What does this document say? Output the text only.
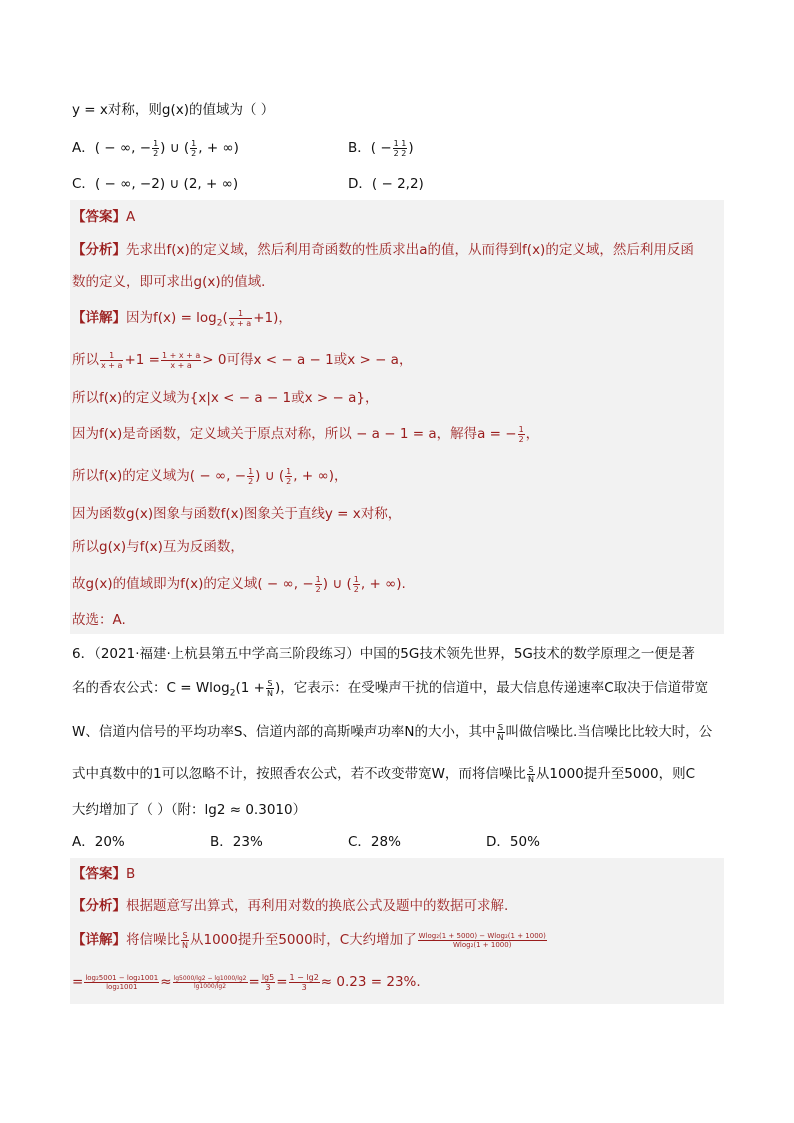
y = x对称，则g(x)的值域为（ ）
A．( − ∞, − $\frac{1}{2}$ ) ∪ ( $\frac{1}{2}$ , + ∞)	B．( − $\frac{1 1}{2 2}$ )
C．( − ∞, −2) ∪ (2, + ∞)	D．( − 2,2)
【答案】A
【分析】先求出f(x)的定义域，然后利用奇函数的性质求出a的值，从而得到f(x)的定义域，然后利用反函
数的定义，即可求出g(x)的值域．
【详解】因为$f(x) = \log_2( \frac{1}{x + a} +1)$，
所以 $\frac{1}{x + a} +1 = \frac{1 + x + a}{x + a} > 0$可得x < − a − 1或x > − a，
所以f(x)的定义域为{x|x < − a − 1或x > − a}，
因为f(x)是奇函数，定义域关于原点对称，所以 − a − 1 = a，解得a = − $\frac{1}{2}$ ，
所以f(x)的定义域为( − ∞, − $\frac{1}{2}$ ) ∪ ( $\frac{1}{2}$ , + ∞)，
因为函数g(x)图象与函数f(x)图象关于直线y = x对称，
所以g(x)与f(x)互为反函数，
故g(x)的值域即为f(x)的定义域( − ∞, − $\frac{1}{2}$ ) ∪ ( $\frac{1}{2}$ , + ∞).
故选：A.
6．（2021·福建·上杭县第五中学高三阶段练习）中国的5G技术领先世界，5G技术的数学原理之一便是著
名的香农公式：$C = Wlog_2(1 + \frac{S}{N}$ )，它表示：在受噪声干扰的信道中，最大信息传递速率C取决于信道带宽
W、信道内信号的平均功率S、信道内部的高斯噪声功率N的大小，其中 $\frac{S}{N}$ 叫做信噪比.当信噪比比较大时，公
式中真数中的1可以忽略不计，按照香农公式，若不改变带宽W，而将信噪比 $\frac{S}{N}$ 从1000提升至5000，则C
大约增加了（ ）（附：lg2 ≈ 0.3010）
A．20%	B．23%	C．28%	D．50%
【答案】B
【分析】根据题意写出算式，再利用对数的换底公式及题中的数据可求解.
【详解】将信噪比 $\frac{S}{N}$ 从1000提升至5000时，C大约增加了 $\frac{\text{Wlog₂(1 + 5000) − Wlog₂(1 + 1000)}}{\text{Wlog₂(1 + 1000)}}$
= $\frac{\text{log₂5001 − log₂1001}}{\text{log₂1001}} \approx \frac{\lg 5000/\lg 2 - \lg 1000/\lg 2}{\lg 1000/\lg 2} = \frac{\lg 5}{3} = \frac{1 - \lg 2}{3} \approx 0.23 = 23\%$.
